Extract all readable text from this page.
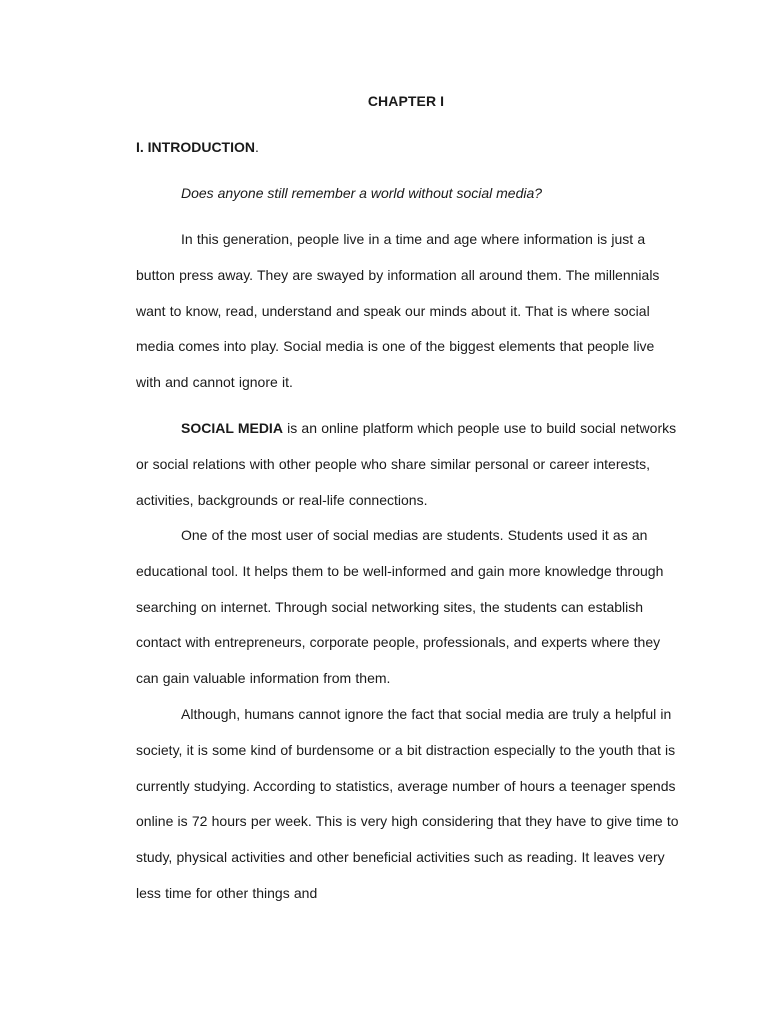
CHAPTER I
I. INTRODUCTION.
Does anyone still remember a world without social media?

In this generation, people live in a time and age where information is just a button press away. They are swayed by information all around them. The millennials want to know, read, understand and speak our minds about it. That is where social media comes into play. Social media is one of the biggest elements that people live with and cannot ignore it.

SOCIAL MEDIA is an online platform which people use to build social networks or social relations with other people who share similar personal or career interests, activities, backgrounds or real-life connections.

One of the most user of social medias are students. Students used it as an educational tool. It helps them to be well-informed and gain more knowledge through searching on internet. Through social networking sites, the students can establish contact with entrepreneurs, corporate people, professionals, and experts where they can gain valuable information from them.

Although, humans cannot ignore the fact that social media are truly a helpful in society, it is some kind of burdensome or a bit distraction especially to the youth that is currently studying. According to statistics, average number of hours a teenager spends online is 72 hours per week. This is very high considering that they have to give time to study, physical activities and other beneficial activities such as reading. It leaves very less time for other things and
